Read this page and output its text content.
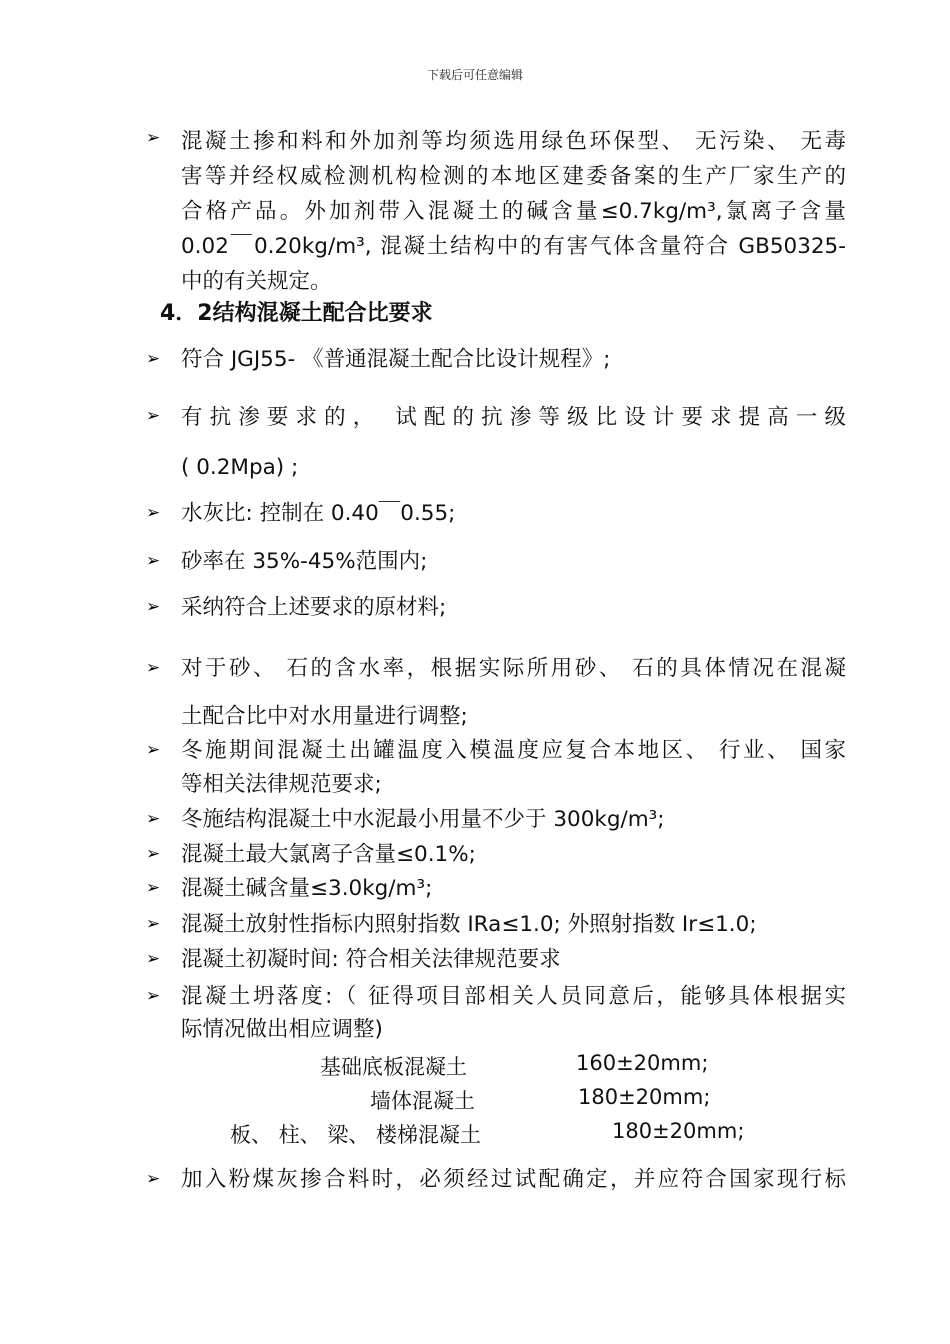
下载后可任意编辑
➢ 混凝土掺和料和外加剂等均须选用绿色环保型、 无污染、 无毒
害等并经权威检测机构检测的本地区建委备案的生产厂家生产的
合格产品。外加剂带入混凝土的碱含量≤0.7kg/m³,氯离子含量
0.02￣0.20kg/m³, 混凝土结构中的有害气体含量符合 GB50325-
中的有关规定。
4．2结构混凝土配合比要求
➢ 符合 JGJ55- 《普通混凝土配合比设计规程》;
➢ 有抗渗要求的， 试配的抗渗等级比设计要求提高一级
( 0.2Mpa) ;
➢ 水灰比: 控制在 0.40￣0.55;
➢ 砂率在 35%-45%范围内;
➢ 采纳符合上述要求的原材料;
➢ 对于砂、 石的含水率，根据实际所用砂、 石的具体情况在混凝
土配合比中对水用量进行调整;
➢ 冬施期间混凝土出罐温度入模温度应复合本地区、 行业、 国家
等相关法律规范要求;
➢ 冬施结构混凝土中水泥最小用量不少于 300kg/m³;
➢ 混凝土最大氯离子含量≤0.1%;
➢ 混凝土碱含量≤3.0kg/m³;
➢ 混凝土放射性指标内照射指数 IRa≤1.0; 外照射指数 Ir≤1.0;
➢ 混凝土初凝时间: 符合相关法律规范要求
➢ 混凝土坍落度:（ 征得项目部相关人员同意后，能够具体根据实
际情况做出相应调整)
基础底板混凝土	160±20mm;
墙体混凝土	180±20mm;
板、 柱、 梁、 楼梯混凝土	180±20mm;
➢ 加入粉煤灰掺合料时，必须经过试配确定，并应符合国家现行标
